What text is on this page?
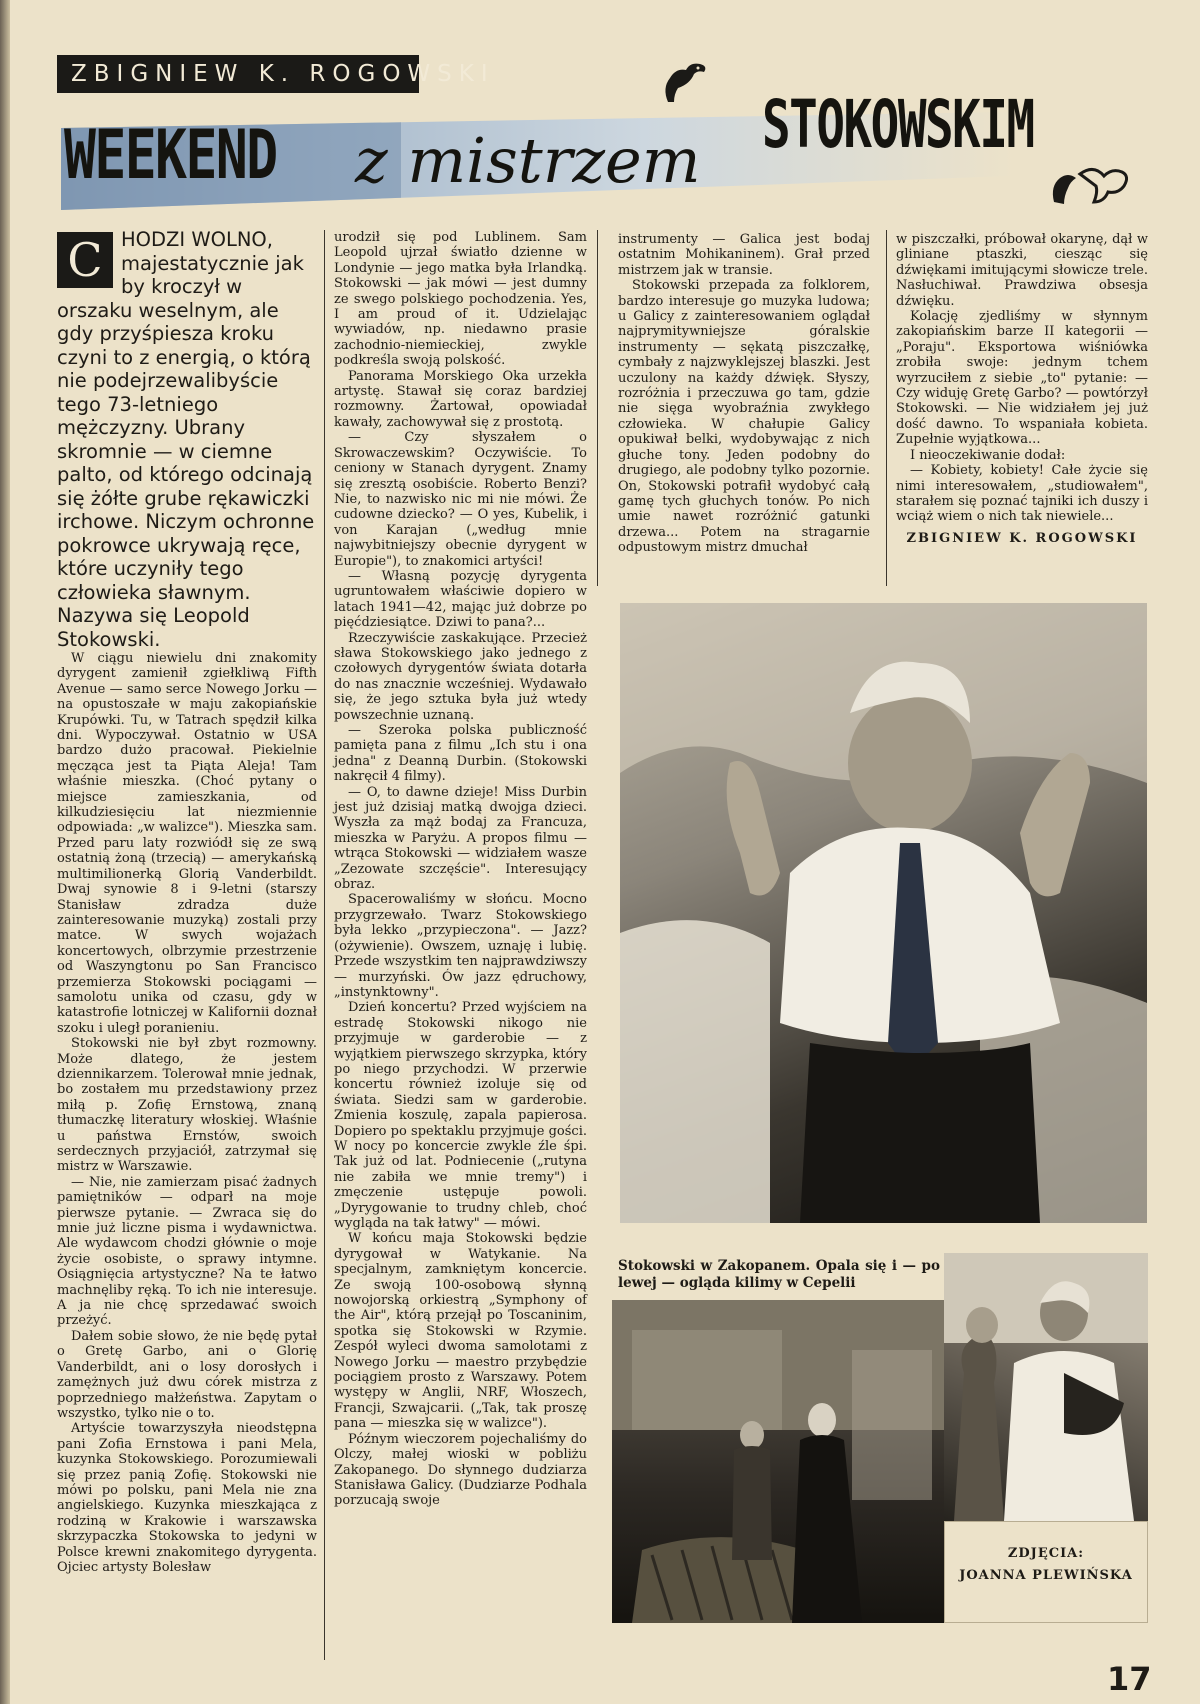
ZBIGNIEW K. ROGOWSKI
WEEKEND z mistrzem STOKOWSKIM

C HODZI WOLNO, majestatycznie jak by kroczył w orszaku weselnym, ale gdy przyśpiesza kroku czyni to z energią, o którą nie podejrzewalibyście tego 73-letniego mężczyzny. Ubrany skromnie — w ciemne palto, od którego odcinają się żółte grube rękawiczki irchowe. Niczym ochronne pokrowce ukrywają ręce, które uczyniły tego człowieka sławnym. Nazywa się Leopold Stokowski.

W ciągu niewielu dni znakomity dyrygent zamienił zgiełkliwą Fifth Avenue — samo serce Nowego Jorku — na opustoszałe w maju zakopiańskie Krupówki. Tu, w Tatrach spędził kilka dni. Wypoczywał. Ostatnio w USA bardzo dużo pracował. Piekielnie męcząca jest ta Piąta Aleja! Tam właśnie mieszka. (Choć pytany o miejsce zamieszkania, od kilkudziesięciu lat niezmiennie odpowiada: „w walizce"). Mieszka sam. Przed paru laty rozwiódł się ze swą ostatnią żoną (trzecią) — amerykańską multimilionerką Glorią Vanderbildt. Dwaj synowie 8 i 9-letni (starszy Stanisław zdradza duże zainteresowanie muzyką) zostali przy matce. W swych wojażach koncertowych, olbrzymie przestrzenie od Waszyngtonu po San Francisco przemierza Stokowski pociągami — samolotu unika od czasu, gdy w katastrofie lotniczej w Kalifornii doznał szoku i uległ poranieniu.

Stokowski nie był zbyt rozmowny. Może dlatego, że jestem dziennikarzem. Tolerował mnie jednak, bo zostałem mu przedstawiony przez miłą p. Zofię Ernstową, znaną tłumaczkę literatury włoskiej. Właśnie u państwa Ernstów, swoich serdecznych przyjaciół, zatrzymał się mistrz w Warszawie.

— Nie, nie zamierzam pisać żadnych pamiętników — odparł na moje pierwsze pytanie. — Zwraca się do mnie już liczne pisma i wydawnictwa. Ale wydawcom chodzi głównie o moje życie osobiste, o sprawy intymne. Osiągnięcia artystyczne? Na te łatwo machnęliby ręką. To ich nie interesuje. A ja nie chcę sprzedawać swoich przeżyć.

Dałem sobie słowo, że nie będę pytał o Gretę Garbo, ani o Glorię Vanderbildt, ani o losy dorosłych i zamężnych już dwu córek mistrza z poprzedniego małżeństwa. Zapytam o wszystko, tylko nie o to.

Artyście towarzyszyła nieodstępna pani Zofia Ernstowa i pani Mela, kuzynka Stokowskiego. Porozumiewali się przez panią Zofię. Stokowski nie mówi po polsku, pani Mela nie zna angielskiego. Kuzynka mieszkająca z rodziną w Krakowie i warszawska skrzypaczka Stokowska to jedyni w Polsce krewni znakomitego dyrygenta. Ojciec artysty Bolesław

urodził się pod Lublinem. Sam Leopold ujrzał światło dzienne w Londynie — jego matka była Irlandką. Stokowski — jak mówi — jest dumny ze swego polskiego pochodzenia. Yes, I am proud of it. Udzielając wywiadów, np. niedawno prasie zachodnio-niemieckiej, zwykle podkreśla swoją polskość.

Panorama Morskiego Oka urzekła artystę. Stawał się coraz bardziej rozmowny. Żartował, opowiadał kawały, zachowywał się z prostotą.

— Czy słyszałem o Skrowaczewskim? Oczywiście. To ceniony w Stanach dyrygent. Znamy się zresztą osobiście. Roberto Benzi? Nie, to nazwisko nic mi nie mówi. Że cudowne dziecko? — O yes, Kubelik, i von Karajan („według mnie najwybitniejszy obecnie dyrygent w Europie"), to znakomici artyści!

— Własną pozycję dyrygenta ugruntowałem właściwie dopiero w latach 1941—42, mając już dobrze po pięćdziesiątce. Dziwi to pana?...

Rzeczywiście zaskakujące. Przecież sława Stokowskiego jako jednego z czołowych dyrygentów świata dotarła do nas znacznie wcześniej. Wydawało się, że jego sztuka była już wtedy powszechnie uznaną.

— Szeroka polska publiczność pamięta pana z filmu „Ich stu i ona jedna" z Deanną Durbin. (Stokowski nakręcił 4 filmy).

— O, to dawne dzieje! Miss Durbin jest już dzisiaj matką dwojga dzieci. Wyszła za mąż bodaj za Francuza, mieszka w Paryżu. A propos filmu — wtrąca Stokowski — widziałem wasze „Zezowate szczęście". Interesujący obraz.

Spacerowaliśmy w słońcu. Mocno przygrzewało. Twarz Stokowskiego była lekko „przypieczona". — Jazz? (ożywienie). Owszem, uznaję i lubię. Przede wszystkim ten najprawdziwszy — murzyński. Ów jazz ędruchowy, „instynktowny".

Dzień koncertu? Przed wyjściem na estradę Stokowski nikogo nie przyjmuje w garderobie — z wyjątkiem pierwszego skrzypka, który po niego przychodzi. W przerwie koncertu również izoluje się od świata. Siedzi sam w garderobie. Zmienia koszulę, zapala papierosa. Dopiero po spektaklu przyjmuje gości. W nocy po koncercie zwykle źle śpi. Tak już od lat. Podniecenie („rutyna nie zabiła we mnie tremy") i zmęczenie ustępuje powoli. „Dyrygowanie to trudny chleb, choć wygląda na tak łatwy" — mówi.

W końcu maja Stokowski będzie dyrygował w Watykanie. Na specjalnym, zamkniętym koncercie. Ze swoją 100-osobową słynną nowojorską orkiestrą „Symphony of the Air", którą przejął po Toscaninim, spotka się Stokowski w Rzymie. Zespół wyleci dwoma samolotami z Nowego Jorku — maestro przybędzie pociągiem prosto z Warszawy. Potem występy w Anglii, NRF, Włoszech, Francji, Szwajcarii. („Tak, tak proszę pana — mieszka się w walizce").

Późnym wieczorem pojechaliśmy do Olczy, małej wioski w pobliżu Zakopanego. Do słynnego dudziarza Stanisława Galicy. (Dudziarze Podhala porzucają swoje

instrumenty — Galica jest bodaj ostatnim Mohikaninem). Grał przed mistrzem jak w transie.

Stokowski przepada za folklorem, bardzo interesuje go muzyka ludowa; u Galicy z zainteresowaniem oglądał najprymitywniejsze góralskie instrumenty — sękatą piszczałkę, cymbały z najzwyklejszej blaszki. Jest uczulony na każdy dźwięk. Słyszy, rozróżnia i przeczuwa go tam, gdzie nie sięga wyobraźnia zwykłego człowieka. W chałupie Galicy opukiwał belki, wydobywając z nich głuche tony. Jeden podobny do drugiego, ale podobny tylko pozornie. On, Stokowski potrafił wydobyć całą gamę tych głuchych tonów. Po nich umie nawet rozróżnić gatunki drzewa... Potem na stragarnie odpustowym mistrz dmuchał

w piszczałki, próbował okarynę, dął w gliniane ptaszki, ciesząc się dźwiękami imitującymi słowicze trele. Nasłuchiwał. Prawdziwa obsesja dźwięku.

Kolację zjedliśmy w słynnym zakopiańskim barze II kategorii — „Poraju". Eksportowa wiśniówka zrobiła swoje: jednym tchem wyrzuciłem z siebie „to" pytanie: — Czy widuję Gretę Garbo? — powtórzył Stokowski. — Nie widziałem jej już dość dawno. To wspaniała kobieta. Zupełnie wyjątkowa...

I nieoczekiwanie dodał:

— Kobiety, kobiety! Całe życie się nimi interesowałem, „studiowałem", starałem się poznać tajniki ich duszy i wciąż wiem o nich tak niewiele...

ZBIGNIEW K. ROGOWSKI
Stokowski w Zakopanem. Opala się i — po lewej — ogląda kilimy w Cepelii
ZDJĘCIA:
JOANNA PLEWIŃSKA
17
